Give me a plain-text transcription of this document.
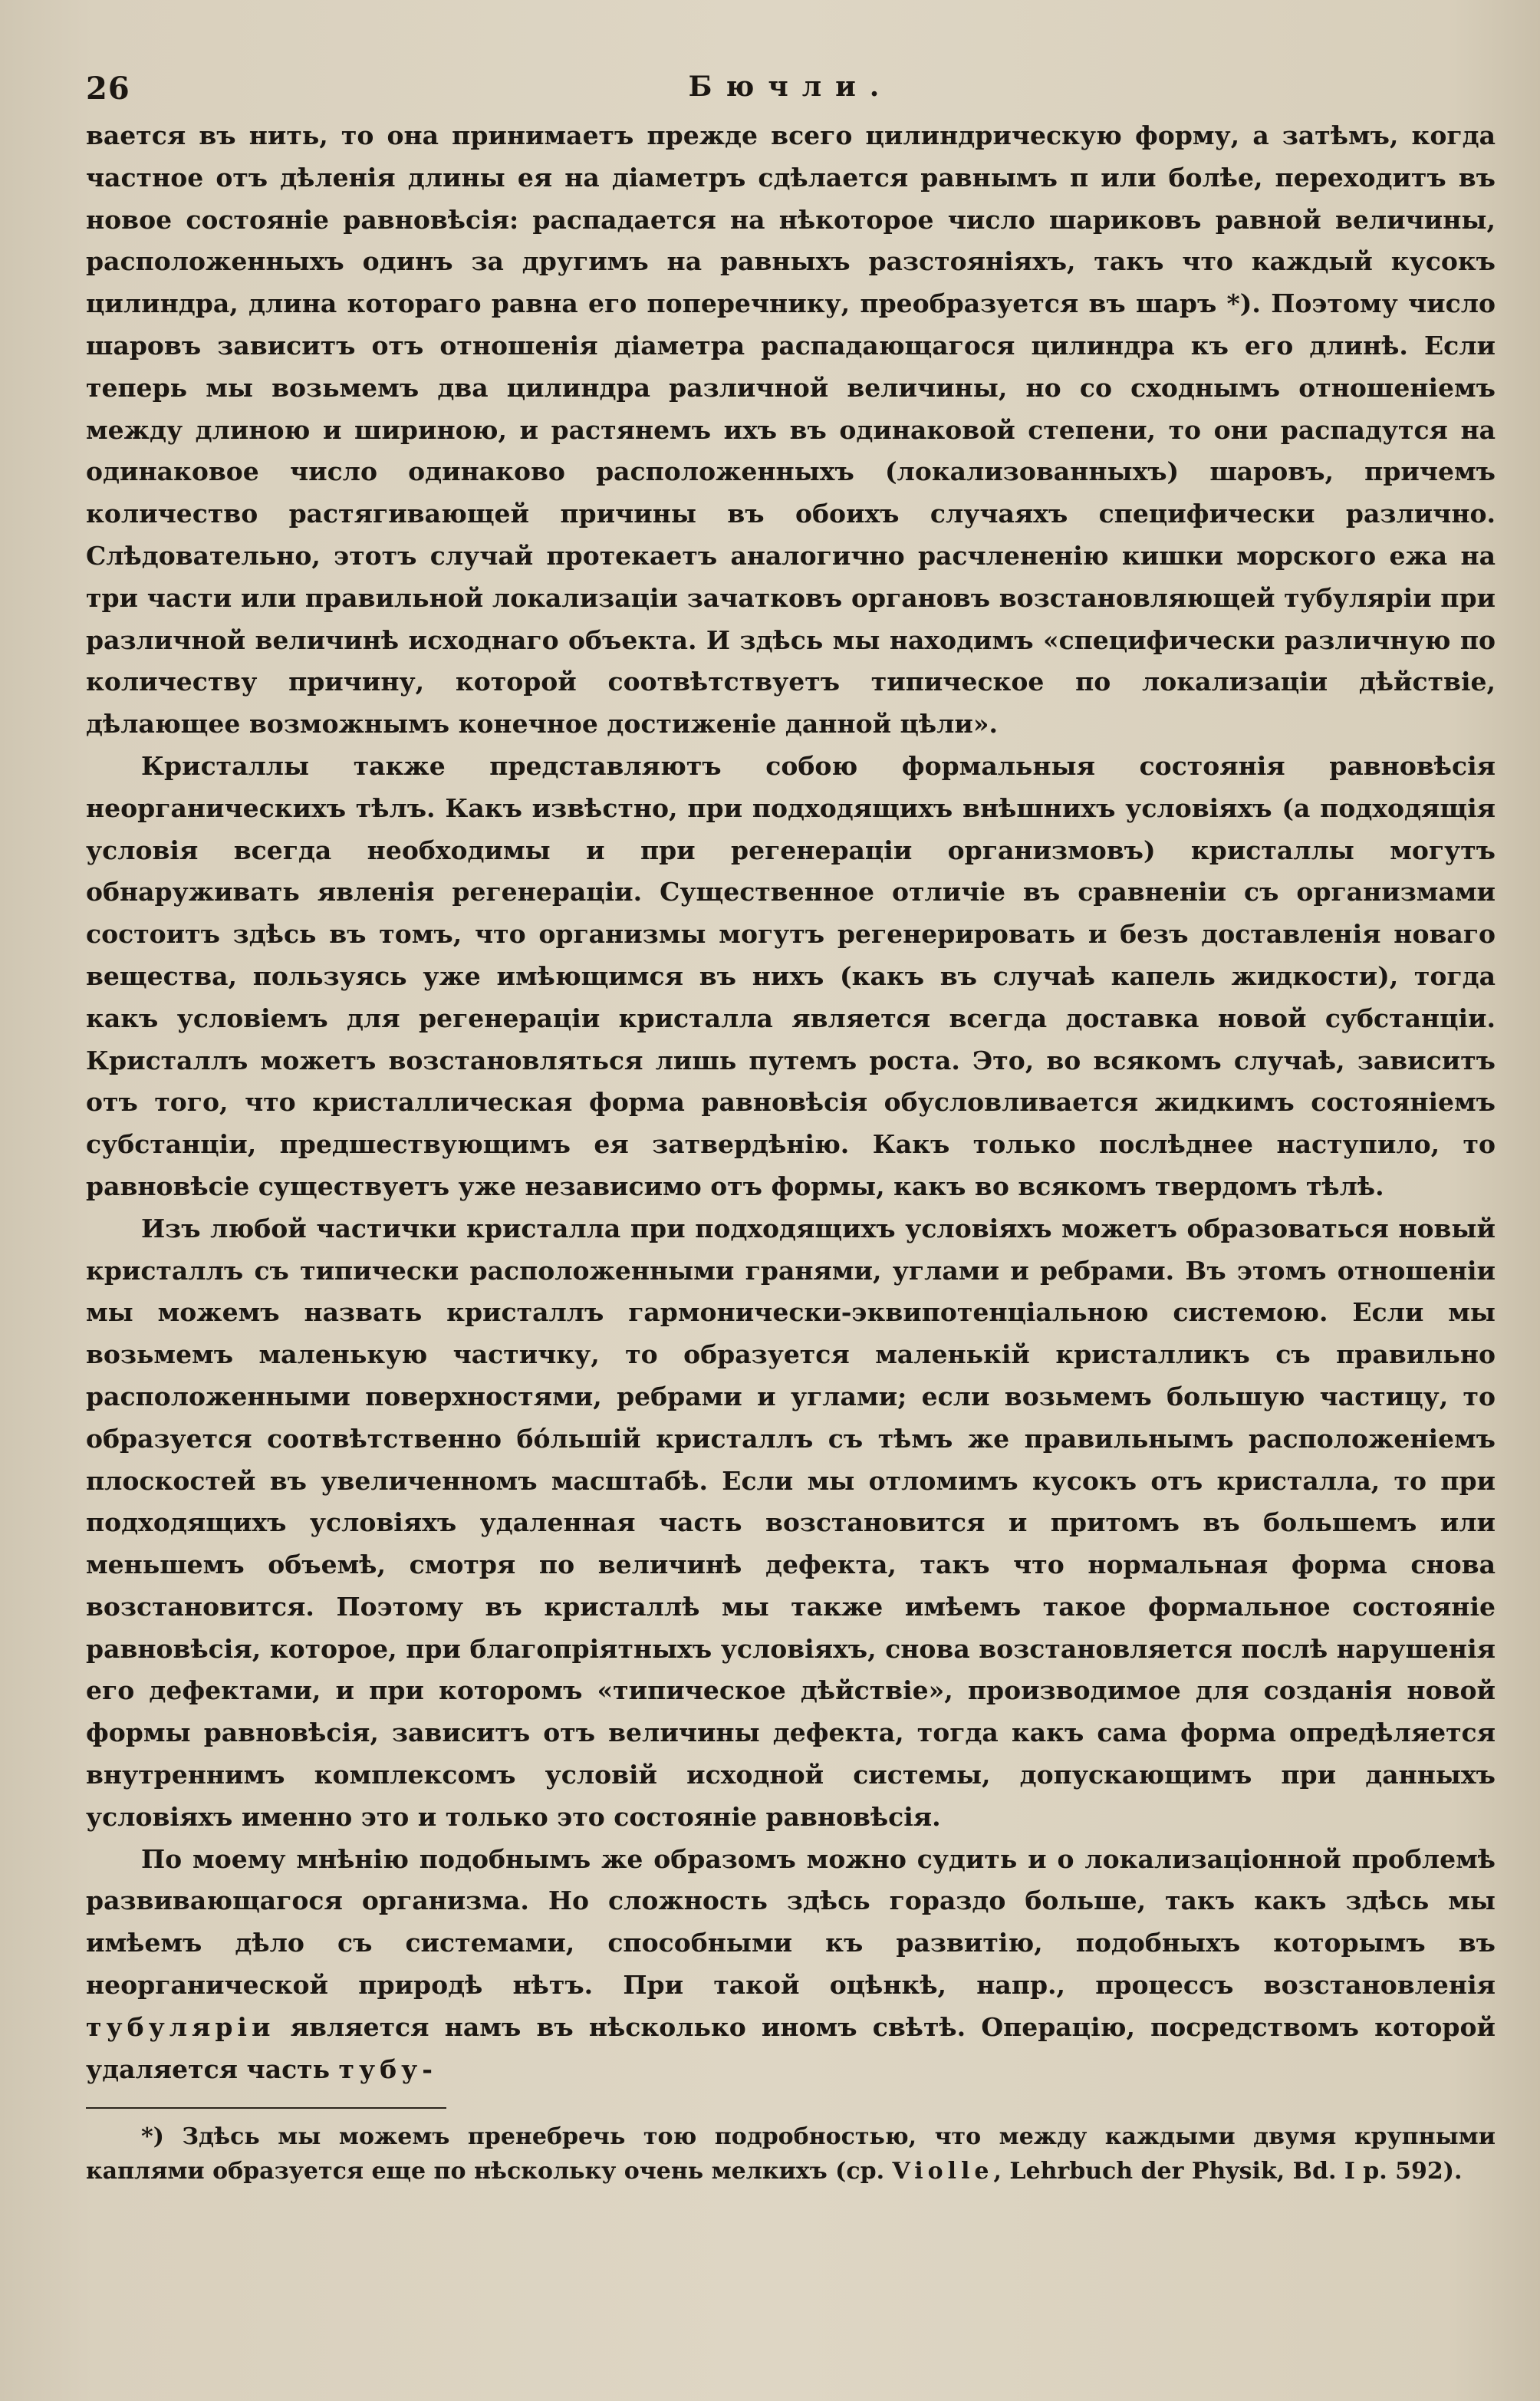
26	Бючли.

вается въ нить, то она принимаетъ прежде всего цилиндрическую форму, а затѣмъ, когда частное отъ дѣленія длины ея на діаметръ сдѣлается равнымъ π или болѣе, переходитъ въ новое состояніе равновѣсія: распадается на нѣкоторое число шариковъ равной величины, расположенныхъ одинъ за другимъ на равныхъ разстояніяхъ, такъ что каждый кусокъ цилиндра, длина котораго равна его поперечнику, преобразуется въ шаръ *). Поэтому число шаровъ зависитъ отъ отношенія діаметра распадающагося цилиндра къ его длинѣ. Если теперь мы возьмемъ два цилиндра различной величины, но со сходнымъ отношеніемъ между длиною и шириною, и растянемъ ихъ въ одинаковой степени, то они распадутся на одинаковое число одинаково расположенныхъ (локализованныхъ) шаровъ, причемъ количество растягивающей причины въ обоихъ случаяхъ специфически различно. Слѣдовательно, этотъ случай протекаетъ аналогично расчлененію кишки морского ежа на три части или правильной локализаціи зачатковъ органовъ возстановляющей тубуляріи при различной величинѣ исходнаго объекта. И здѣсь мы находимъ «специфически различную по количеству причину, которой соотвѣтствуетъ типическое по локализаціи дѣйствіе, дѣлающее возможнымъ конечное достиженіе данной цѣли».

Кристаллы также представляютъ собою формальныя состоянія равновѣсія неорганическихъ тѣлъ. Какъ извѣстно, при подходящихъ внѣшнихъ условіяхъ (а подходящія условія всегда необходимы и при регенераціи организмовъ) кристаллы могутъ обнаруживать явленія регенераціи. Существенное отличіе въ сравненіи съ организмами состоитъ здѣсь въ томъ, что организмы могутъ регенерировать и безъ доставленія новаго вещества, пользуясь уже имѣющимся въ нихъ (какъ въ случаѣ капель жидкости), тогда какъ условіемъ для регенераціи кристалла является всегда доставка новой субстанціи. Кристаллъ можетъ возстановляться лишь путемъ роста. Это, во всякомъ случаѣ, зависитъ отъ того, что кристаллическая форма равновѣсія обусловливается жидкимъ состояніемъ субстанціи, предшествующимъ ея затвердѣнію. Какъ только послѣднее наступило, то равновѣсіе существуетъ уже независимо отъ формы, какъ во всякомъ твердомъ тѣлѣ.

Изъ любой частички кристалла при подходящихъ условіяхъ можетъ образоваться новый кристаллъ съ типически расположенными гранями, углами и ребрами. Въ этомъ отношеніи мы можемъ назвать кристаллъ гармонически-эквипотенціальною системою. Если мы возьмемъ маленькую частичку, то образуется маленькій кристалликъ съ правильно расположенными поверхностями, ребрами и углами; если возьмемъ большую частицу, то образуется соотвѣтственно бо́льшій кристаллъ съ тѣмъ же правильнымъ расположеніемъ плоскостей въ увеличенномъ масштабѣ. Если мы отломимъ кусокъ отъ кристалла, то при подходящихъ условіяхъ удаленная часть возстановится и притомъ въ большемъ или меньшемъ объемѣ, смотря по величинѣ дефекта, такъ что нормальная форма снова возстановится. Поэтому въ кристаллѣ мы также имѣемъ такое формальное состояніе равновѣсія, которое, при благопріятныхъ условіяхъ, снова возстановляется послѣ нарушенія его дефектами, и при которомъ «типическое дѣйствіе», производимое для созданія новой формы равновѣсія, зависитъ отъ величины дефекта, тогда какъ сама форма опредѣляется внутреннимъ комплексомъ условій исходной системы, допускающимъ при данныхъ условіяхъ именно это и только это состояніе равновѣсія.

По моему мнѣнію подобнымъ же образомъ можно судить и о локализаціонной проблемѣ развивающагося организма. Но сложность здѣсь гораздо больше, такъ какъ здѣсь мы имѣемъ дѣло съ системами, способными къ развитію, подобныхъ которымъ въ неорганической природѣ нѣтъ. При такой оцѣнкѣ, напр., процессъ возстановленія тубуляріи является намъ въ нѣсколько иномъ свѣтѣ. Операцію, посредствомъ которой удаляется часть тубу-

*) Здѣсь мы можемъ пренебречь тою подробностью, что между каждыми двумя крупными каплями образуется еще по нѣскольку очень мелкихъ (ср. Violle, Lehrbuch der Physik, Bd. I p. 592).
